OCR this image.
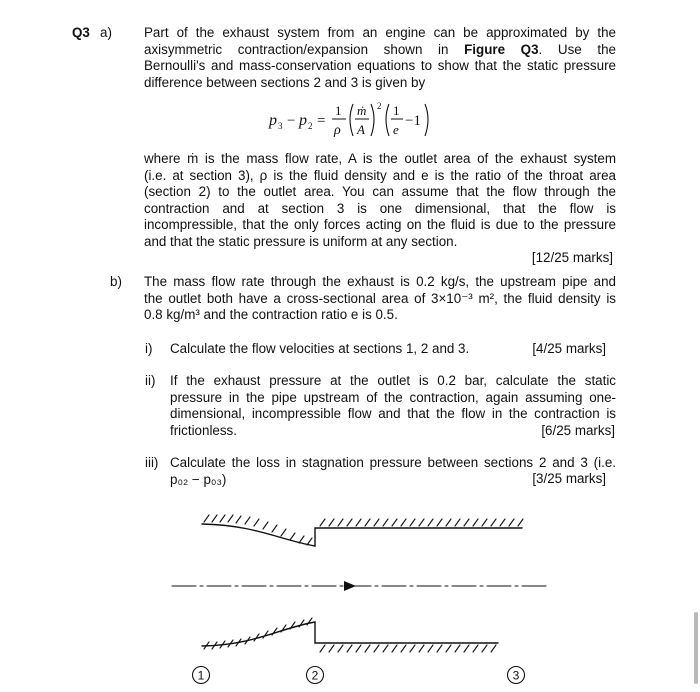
Q3 a) Part of the exhaust system from an engine can be approximated by the
axisymmetric contraction/expansion shown in Figure Q3. Use the
Bernoulli's and mass-conservation equations to show that the static pressure
difference between sections 2 and 3 is given by
p 3 − p 2 =
1
ρ
ṁ
A
2 1
e
−1
where ṁ is the mass flow rate, A is the outlet area of the exhaust system
(i.e. at section 3), ρ is the fluid density and e is the ratio of the throat area
(section 2) to the outlet area. You can assume that the flow through the
contraction and at section 3 is one dimensional, that the flow is
incompressible, that the only forces acting on the fluid is due to the pressure
and that the static pressure is uniform at any section.
[12/25 marks]
b) The mass flow rate through the exhaust is 0.2 kg/s, the upstream pipe and
the outlet both have a cross-sectional area of 3×10⁻³ m², the fluid density is
0.8 kg/m³ and the contraction ratio e is 0.5.
i) Calculate the flow velocities at sections 1, 2 and 3.	[4/25 marks]
ii) If the exhaust pressure at the outlet is 0.2 bar, calculate the static
pressure in the pipe upstream of the contraction, again assuming one-
dimensional, incompressible flow and that the flow in the contraction is
frictionless.	[6/25 marks]
iii) Calculate the loss in stagnation pressure between sections 2 and 3 (i.e.
p₀₂ − p₀₃)	[3/25 marks]
1	2	3
